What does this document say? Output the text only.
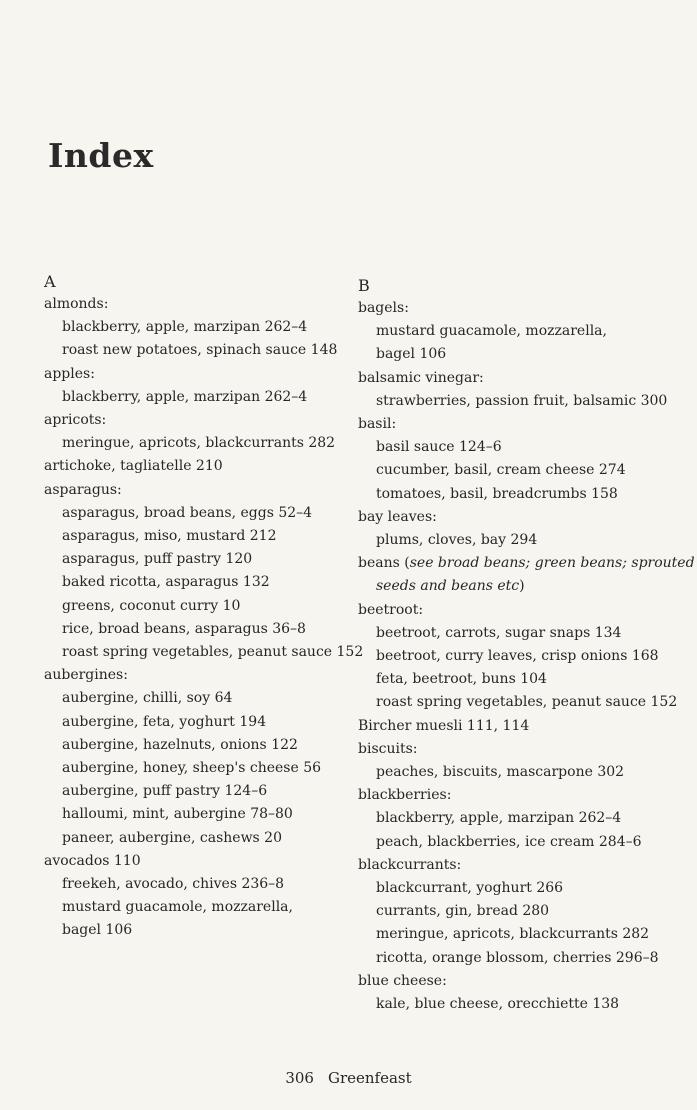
Index
A
almonds:
blackberry, apple, marzipan 262–4
roast new potatoes, spinach sauce 148
apples:
blackberry, apple, marzipan 262–4
apricots:
meringue, apricots, blackcurrants 282
artichoke, tagliatelle 210
asparagus:
asparagus, broad beans, eggs 52–4
asparagus, miso, mustard 212
asparagus, puff pastry 120
baked ricotta, asparagus 132
greens, coconut curry 10
rice, broad beans, asparagus 36–8
roast spring vegetables, peanut sauce 152
aubergines:
aubergine, chilli, soy 64
aubergine, feta, yoghurt 194
aubergine, hazelnuts, onions 122
aubergine, honey, sheep's cheese 56
aubergine, puff pastry 124–6
halloumi, mint, aubergine 78–80
paneer, aubergine, cashews 20
avocados 110
freekeh, avocado, chives 236–8
mustard guacamole, mozzarella,
bagel 106
B
bagels:
mustard guacamole, mozzarella,
bagel 106
balsamic vinegar:
strawberries, passion fruit, balsamic 300
basil:
basil sauce 124–6
cucumber, basil, cream cheese 274
tomatoes, basil, breadcrumbs 158
bay leaves:
plums, cloves, bay 294
beans (see broad beans; green beans; sprouted
seeds and beans etc)
beetroot:
beetroot, carrots, sugar snaps 134
beetroot, curry leaves, crisp onions 168
feta, beetroot, buns 104
roast spring vegetables, peanut sauce 152
Bircher muesli 111, 114
biscuits:
peaches, biscuits, mascarpone 302
blackberries:
blackberry, apple, marzipan 262–4
peach, blackberries, ice cream 284–6
blackcurrants:
blackcurrant, yoghurt 266
currants, gin, bread 280
meringue, apricots, blackcurrants 282
ricotta, orange blossom, cherries 296–8
blue cheese:
kale, blue cheese, orecchiette 138
306 Greenfeast
